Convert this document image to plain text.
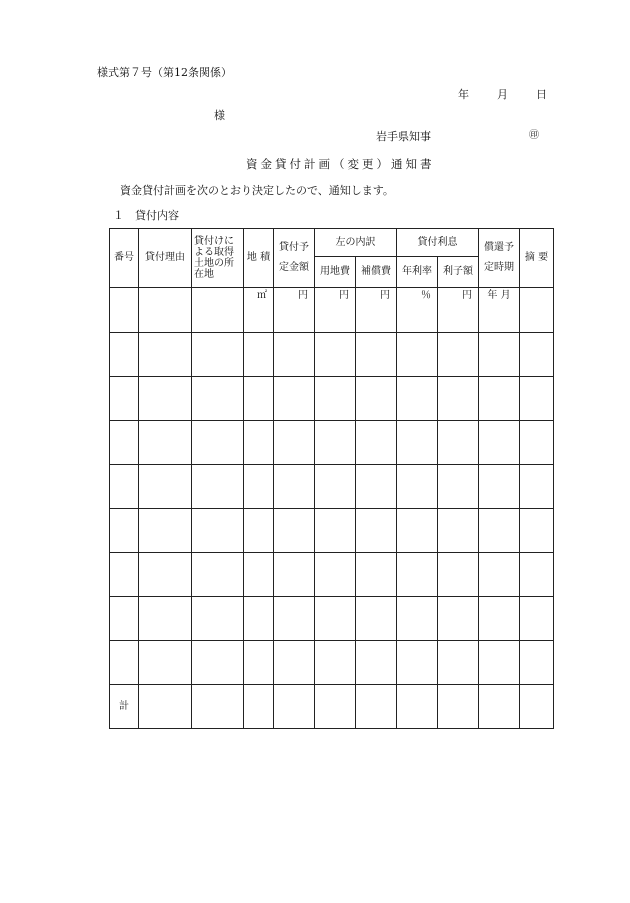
様式第７号（第12条関係）
年	月	日
様
岩手県知事	㊞
資金貸付計画（変更）通知書
資金貸付計画を次のとおり決定したので、通知します。
１　貸付内容
番号	貸付理由	貸付けによる取得土地の所在地	地 積	貸付予定金額	左の内訳		貸付利息		償還予定時期	摘 要
					用地費	補償費	年利率	利子額		
			㎡	円	円	円	％	円	年 月	

計										
